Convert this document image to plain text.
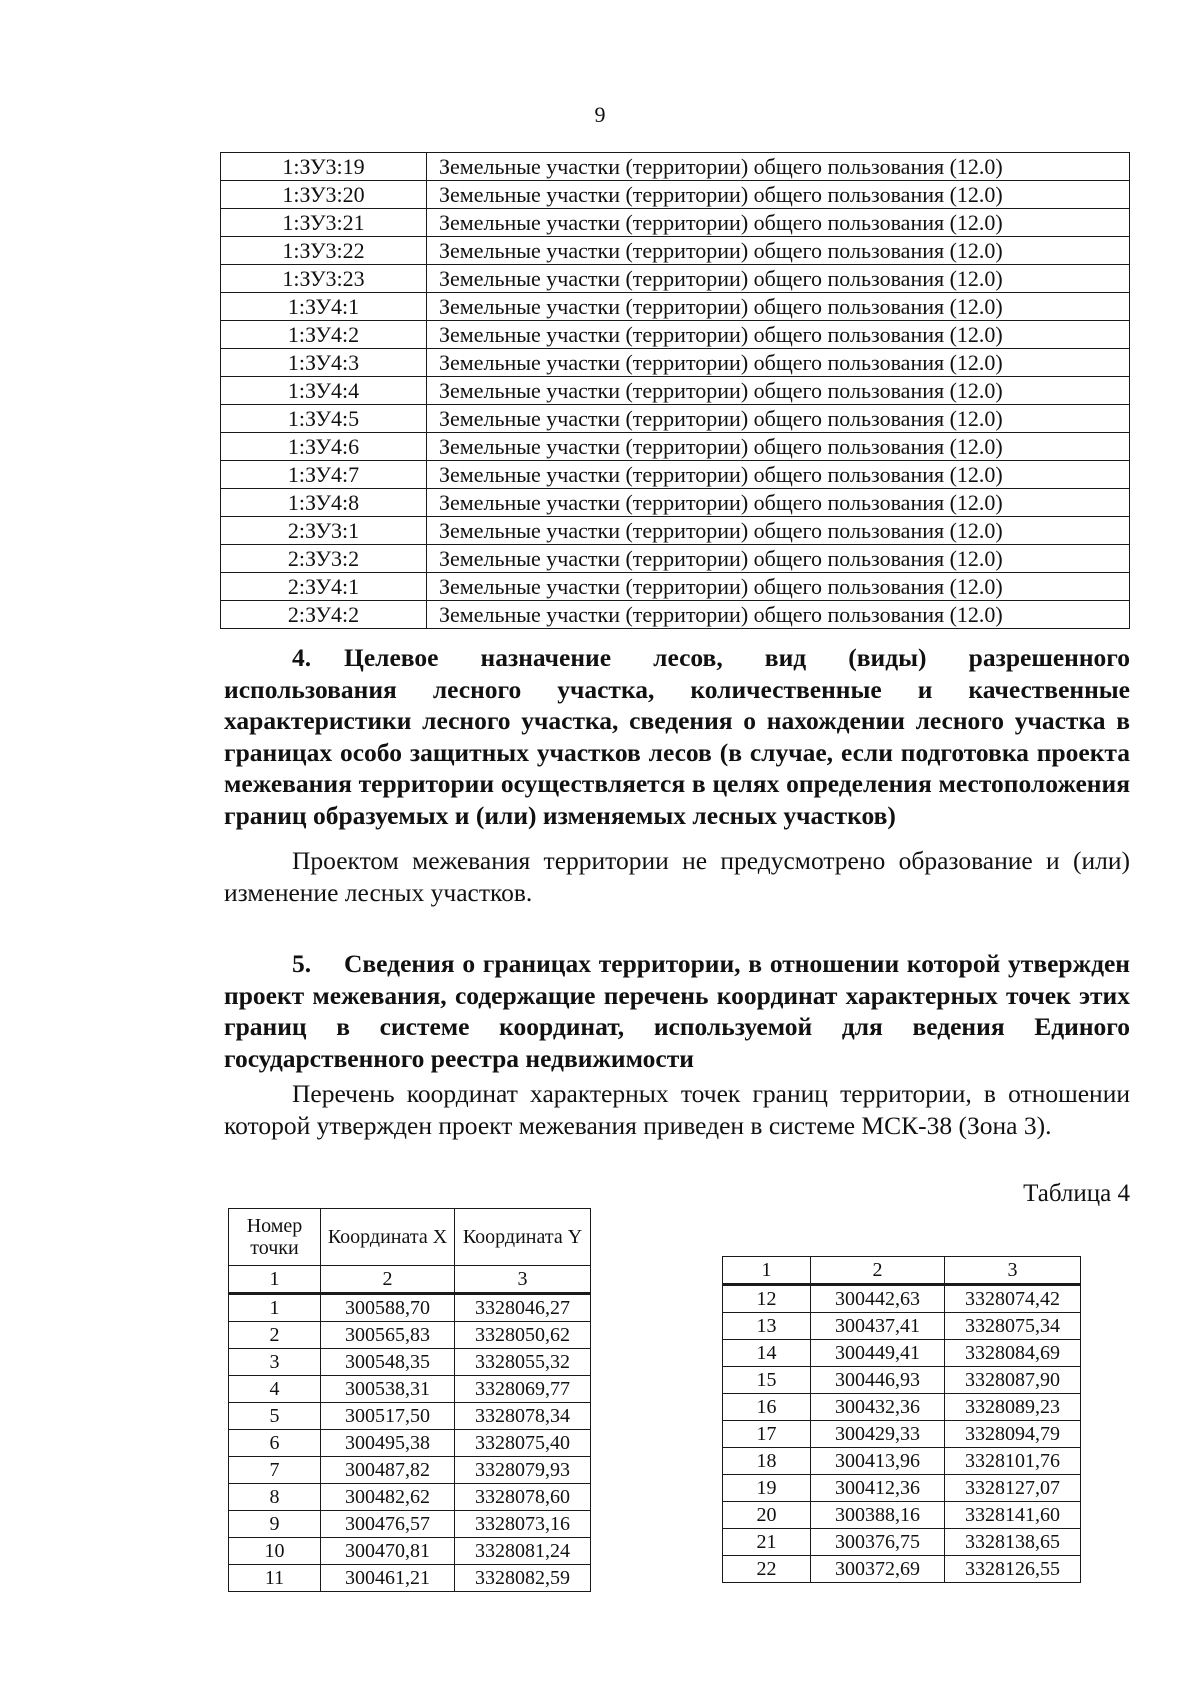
9
1:ЗУ3:19	Земельные участки (территории) общего пользования (12.0)
1:ЗУ3:20	Земельные участки (территории) общего пользования (12.0)
1:ЗУ3:21	Земельные участки (территории) общего пользования (12.0)
1:ЗУ3:22	Земельные участки (территории) общего пользования (12.0)
1:ЗУ3:23	Земельные участки (территории) общего пользования (12.0)
1:ЗУ4:1	Земельные участки (территории) общего пользования (12.0)
1:ЗУ4:2	Земельные участки (территории) общего пользования (12.0)
1:ЗУ4:3	Земельные участки (территории) общего пользования (12.0)
1:ЗУ4:4	Земельные участки (территории) общего пользования (12.0)
1:ЗУ4:5	Земельные участки (территории) общего пользования (12.0)
1:ЗУ4:6	Земельные участки (территории) общего пользования (12.0)
1:ЗУ4:7	Земельные участки (территории) общего пользования (12.0)
1:ЗУ4:8	Земельные участки (территории) общего пользования (12.0)
2:ЗУ3:1	Земельные участки (территории) общего пользования (12.0)
2:ЗУ3:2	Земельные участки (территории) общего пользования (12.0)
2:ЗУ4:1	Земельные участки (территории) общего пользования (12.0)
2:ЗУ4:2	Земельные участки (территории) общего пользования (12.0)
4. Целевое назначение лесов, вид (виды) разрешенного использования лесного участка, количественные и качественные характеристики лесного участка, сведения о нахождении лесного участка в границах особо защитных участков лесов (в случае, если подготовка проекта межевания территории осуществляется в целях определения местоположения границ образуемых и (или) изменяемых лесных участков)
Проектом межевания территории не предусмотрено образование и (или) изменение лесных участков.
5. Сведения о границах территории, в отношении которой утвержден проект межевания, содержащие перечень координат характерных точек этих границ в системе координат, используемой для ведения Единого государственного реестра недвижимости
Перечень координат характерных точек границ территории, в отношении которой утвержден проект межевания приведен в системе МСК-38 (Зона 3).
Таблица 4
Номер точки	Координата X	Координата Y
1	2	3
1	300588,70	3328046,27
2	300565,83	3328050,62
3	300548,35	3328055,32
4	300538,31	3328069,77
5	300517,50	3328078,34
6	300495,38	3328075,40
7	300487,82	3328079,93
8	300482,62	3328078,60
9	300476,57	3328073,16
10	300470,81	3328081,24
11	300461,21	3328082,59
1	2	3
12	300442,63	3328074,42
13	300437,41	3328075,34
14	300449,41	3328084,69
15	300446,93	3328087,90
16	300432,36	3328089,23
17	300429,33	3328094,79
18	300413,96	3328101,76
19	300412,36	3328127,07
20	300388,16	3328141,60
21	300376,75	3328138,65
22	300372,69	3328126,55
